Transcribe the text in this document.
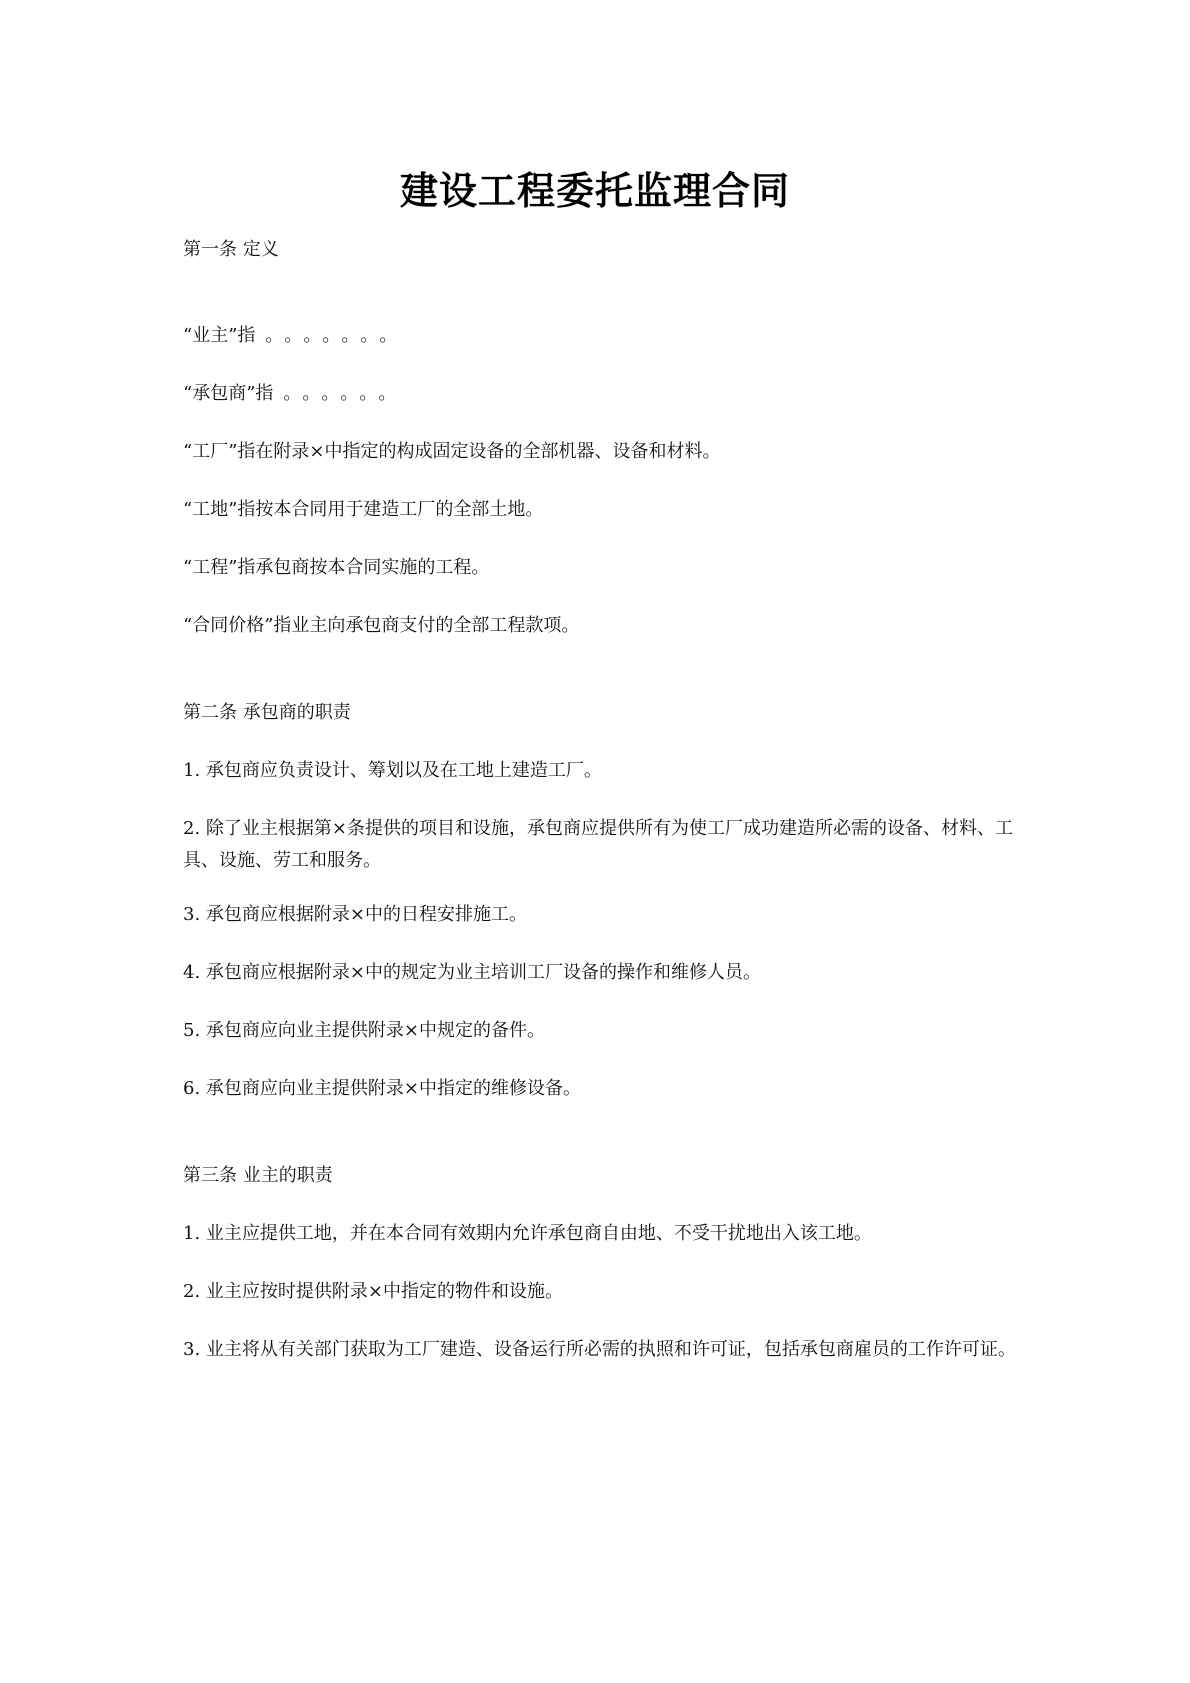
建设工程委托监理合同
第一条 定义
“业主”指 。。。。。。。
“承包商”指 。。。。。。
“工厂”指在附录×中指定的构成固定设备的全部机器、设备和材料。
“工地”指按本合同用于建造工厂的全部土地。
“工程”指承包商按本合同实施的工程。
“合同价格”指业主向承包商支付的全部工程款项。
第二条 承包商的职责
1. 承包商应负责设计、筹划以及在工地上建造工厂。
2. 除了业主根据第×条提供的项目和设施，承包商应提供所有为使工厂成功建造所必需的设备、材料、工具、设施、劳工和服务。
3. 承包商应根据附录×中的日程安排施工。
4. 承包商应根据附录×中的规定为业主培训工厂设备的操作和维修人员。
5. 承包商应向业主提供附录×中规定的备件。
6. 承包商应向业主提供附录×中指定的维修设备。
第三条 业主的职责
1. 业主应提供工地，并在本合同有效期内允许承包商自由地、不受干扰地出入该工地。
2. 业主应按时提供附录×中指定的物件和设施。
3. 业主将从有关部门获取为工厂建造、设备运行所必需的执照和许可证，包括承包商雇员的工作许可证。
